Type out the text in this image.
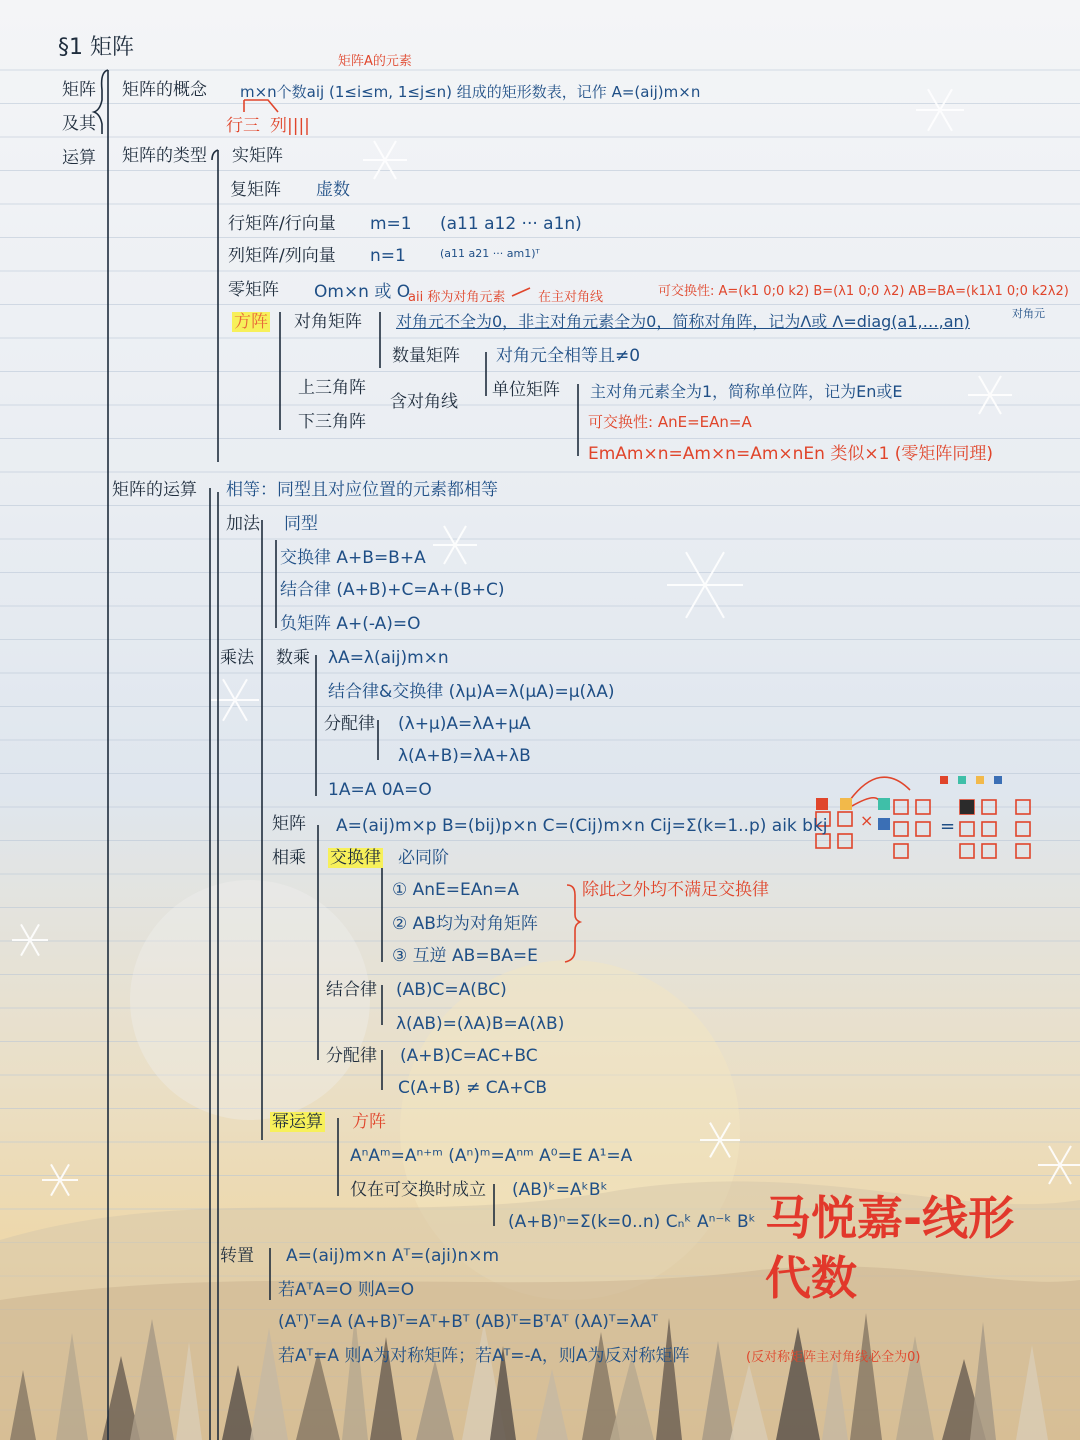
×	=
§1 矩阵
矩阵
及其
运算
矩阵的概念 m×n个数aij (1≤i≤m, 1≤j≤n) 组成的矩形数表，记作 A=(aij)m×n
矩阵A的元素
行三 列||||
矩阵的类型 实矩阵
复矩阵 虚数
行矩阵/行向量 m=1 (a11 a12 ··· a1n)
列矩阵/列向量 n=1	(a11 a21 ··· am1)ᵀ
零矩阵 Om×n 或 O
aii 称为对角元素	在主对角线	可交换性: A=(k1 0;0 k2) B=(λ1 0;0 λ2) AB=BA=(k1λ1 0;0 k2λ2)
方阵 对角矩阵 对角元不全为0，非主对角元素全为0，简称对角阵，记为Λ或 Λ=diag(a1,…,an)	对角元
数量矩阵 对角元全相等且≠0
上三角阵
下三角阵
含对角线
单位矩阵 主对角元素全为1，简称单位阵，记为En或E
可交换性: AnE=EAn=A
EmAm×n=Am×n=Am×nEn 类似×1 (零矩阵同理)
矩阵的运算 相等：同型且对应位置的元素都相等
加法 同型
交换律 A+B=B+A
结合律 (A+B)+C=A+(B+C)
负矩阵 A+(-A)=O
乘法 数乘 λA=λ(aij)m×n
结合律&交换律 (λμ)A=λ(μA)=μ(λA)
分配律 (λ+μ)A=λA+μA
λ(A+B)=λA+λB
1A=A 0A=O
矩阵
相乘
A=(aij)m×p B=(bij)p×n C=(Cij)m×n Cij=Σ(k=1..p) aik bkj
交换律 必同阶
① AnE=EAn=A
② AB均为对角矩阵
③ 互逆 AB=BA=E
除此之外均不满足交换律
结合律 (AB)C=A(BC)
λ(AB)=(λA)B=A(λB)
分配律 (A+B)C=AC+BC
C(A+B) ≠ CA+CB
幂运算 方阵
AⁿAᵐ=Aⁿ⁺ᵐ (Aⁿ)ᵐ=Aⁿᵐ A⁰=E A¹=A
仅在可交换时成立 (AB)ᵏ=AᵏBᵏ
(A+B)ⁿ=Σ(k=0..n) Cₙᵏ Aⁿ⁻ᵏ Bᵏ
转置 A=(aij)m×n Aᵀ=(aji)n×m
若AᵀA=O 则A=O
(Aᵀ)ᵀ=A (A+B)ᵀ=Aᵀ+Bᵀ (AB)ᵀ=BᵀAᵀ (λA)ᵀ=λAᵀ
若Aᵀ=A 则A为对称矩阵；若Aᵀ=-A，则A为反对称矩阵	(反对称矩阵主对角线必全为0)
马悦嘉-线形
代数
